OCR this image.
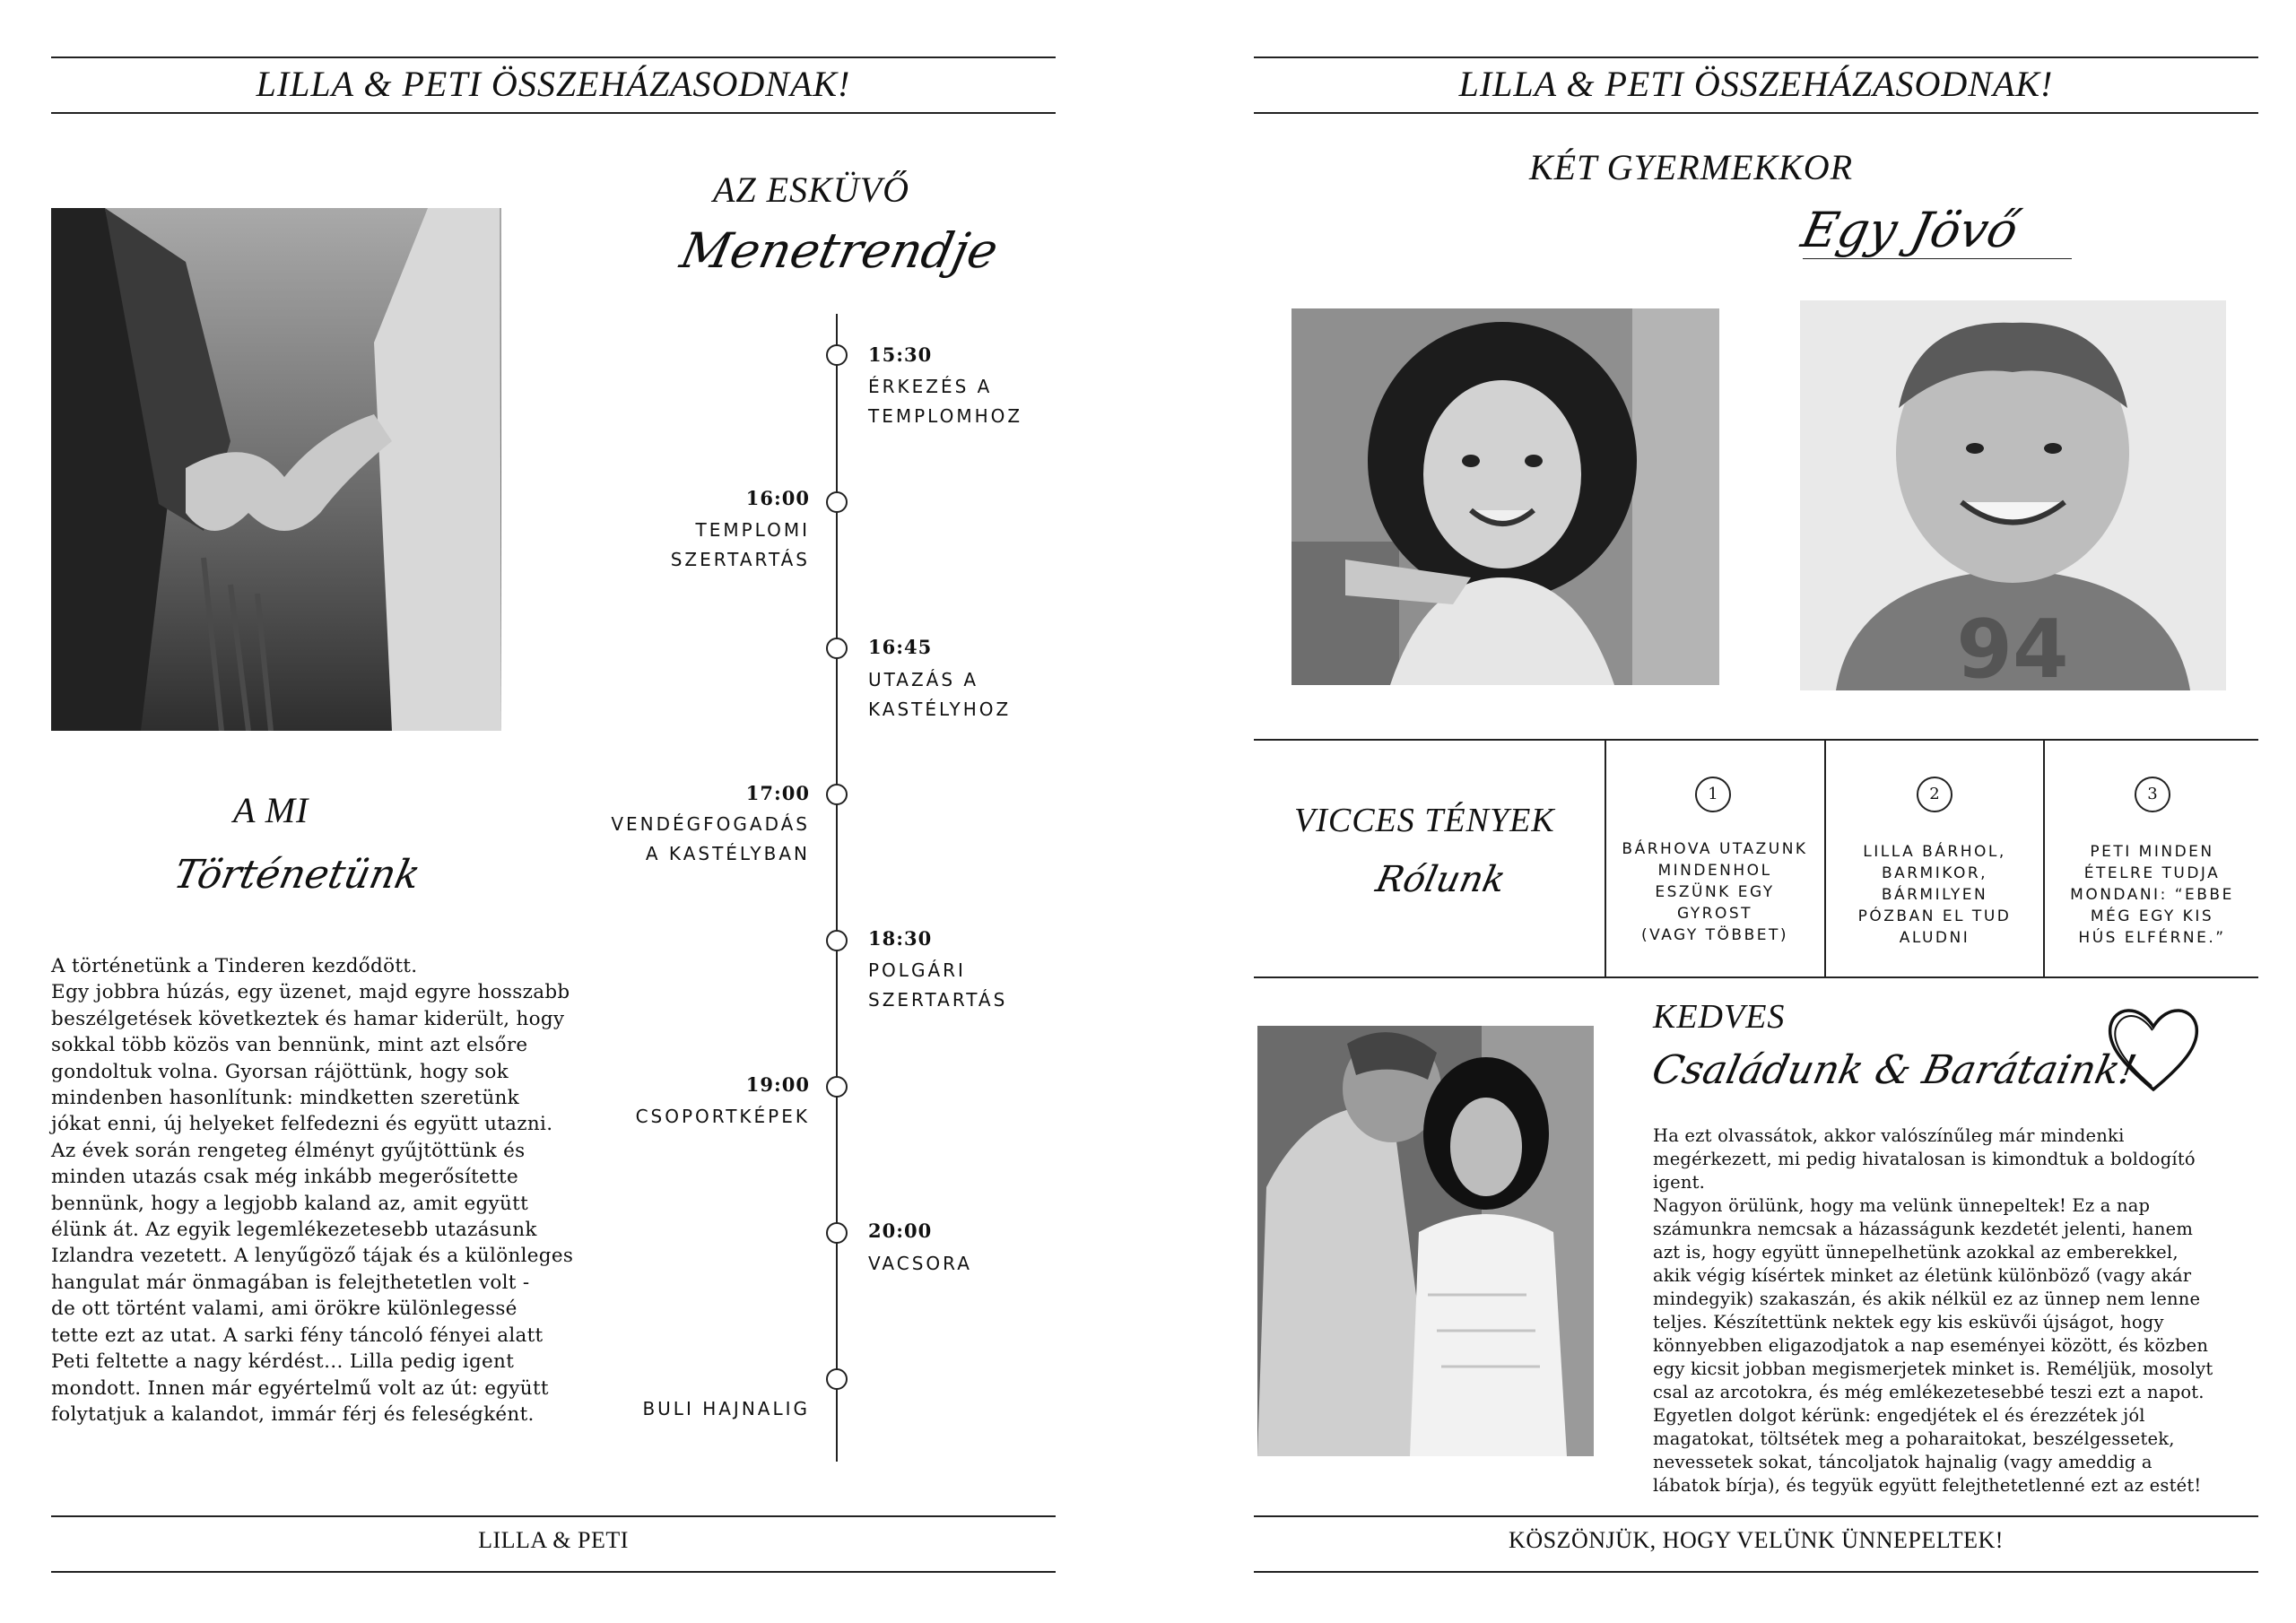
LILLA & PETI ÖSSZEHÁZASODNAK!
AZ ESKÜVŐ
Menetrendje
15:30
ÉRKEZÉS A
TEMPLOMHOZ
16:00
TEMPLOMI
SZERTARTÁS
16:45
UTAZÁS A
KASTÉLYHOZ
17:00
VENDÉGFOGADÁS
A KASTÉLYBAN
18:30
POLGÁRI
SZERTARTÁS
19:00
CSOPORTKÉPEK
20:00
VACSORA
BULI HAJNALIG
A MI
Történetünk
A történetünk a Tinderen kezdődött.
Egy jobbra húzás, egy üzenet, majd egyre hosszabb
beszélgetések következtek és hamar kiderült, hogy
sokkal több közös van bennünk, mint azt elsőre
gondoltuk volna. Gyorsan rájöttünk, hogy sok
mindenben hasonlítunk: mindketten szeretünk
jókat enni, új helyeket felfedezni és együtt utazni.
Az évek során rengeteg élményt gyűjtöttünk és
minden utazás csak még inkább megerősítette
bennünk, hogy a legjobb kaland az, amit együtt
élünk át. Az egyik legemlékezetesebb utazásunk
Izlandra vezetett. A lenyűgöző tájak és a különleges
hangulat már önmagában is felejthetetlen volt -
de ott történt valami, ami örökre különlegessé
tette ezt az utat. A sarki fény táncoló fényei alatt
Peti feltette a nagy kérdést… Lilla pedig igent
mondott. Innen már egyértelmű volt az út: együtt
folytatjuk a kalandot, immár férj és feleségként.
LILLA & PETI
LILLA & PETI ÖSSZEHÁZASODNAK!
KÉT GYERMEKKOR
Egy Jövő
94
VICCES TÉNYEK
Rólunk
1
BÁRHOVA UTAZUNK
MINDENHOL
ESZÜNK EGY
GYROST
(VAGY TÖBBET)
2
LILLA BÁRHOL,
BARMIKOR,
BÁRMILYEN
PÓZBAN EL TUD
ALUDNI
3
PETI MINDEN
ÉTELRE TUDJA
MONDANI: “EBBE
MÉG EGY KIS
HÚS ELFÉRNE.”
KEDVES
Családunk & Barátaink!
Ha ezt olvassátok, akkor valószínűleg már mindenki
megérkezett, mi pedig hivatalosan is kimondtuk a boldogító
igent.
Nagyon örülünk, hogy ma velünk ünnepeltek! Ez a nap
számunkra nemcsak a házasságunk kezdetét jelenti, hanem
azt is, hogy együtt ünnepelhetünk azokkal az emberekkel,
akik végig kísértek minket az életünk különböző (vagy akár
mindegyik) szakaszán, és akik nélkül ez az ünnep nem lenne
teljes. Készítettünk nektek egy kis esküvői újságot, hogy
könnyebben eligazodjatok a nap eseményei között, és közben
egy kicsit jobban megismerjetek minket is. Reméljük, mosolyt
csal az arcotokra, és még emlékezetesebbé teszi ezt a napot.
Egyetlen dolgot kérünk: engedjétek el és érezzétek jól
magatokat, töltsétek meg a poharaitokat, beszélgessetek,
nevessetek sokat, táncoljatok hajnalig (vagy ameddig a
lábatok bírja), és tegyük együtt felejthetetlenné ezt az estét!
KÖSZÖNJÜK, HOGY VELÜNK ÜNNEPELTEK!
